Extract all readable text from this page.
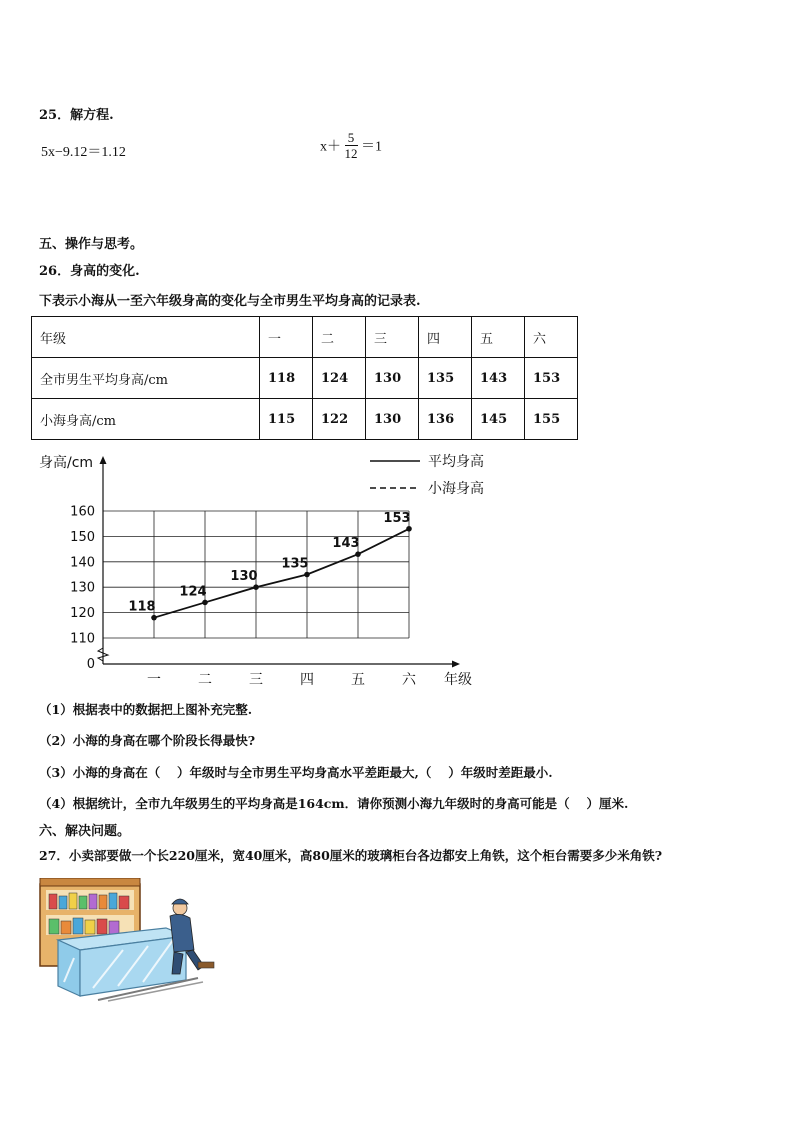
25．解方程.
5x−9.12＝1.12	$x+ \frac{5}{12} =1$
五、操作与思考。
26．身高的变化.
下表示小海从一至六年级身高的变化与全市男生平均身高的记录表.
年级	一	二	三	四	五	六
全市男生平均身高/cm	118	124	130	135	143	153
小海身高/cm	115	122	130	136	145	155
0
110
120
130
140
150
160
一	二	三	四	五	六
身高/cm
年级
平均身高
小海身高
118
124
130
135
143
153
（1）根据表中的数据把上图补充完整.
（2）小海的身高在哪个阶段长得最快?
（3）小海的身高在（　 ）年级时与全市男生平均身高水平差距最大,（　 ）年级时差距最小.
（4）根据统计，全市九年级男生的平均身高是164cm．请你预测小海九年级时的身高可能是（　 ）厘米.
六、解决问题。
27．小卖部要做一个长220厘米，宽40厘米，高80厘米的玻璃柜台各边都安上角铁，这个柜台需要多少米角铁?
